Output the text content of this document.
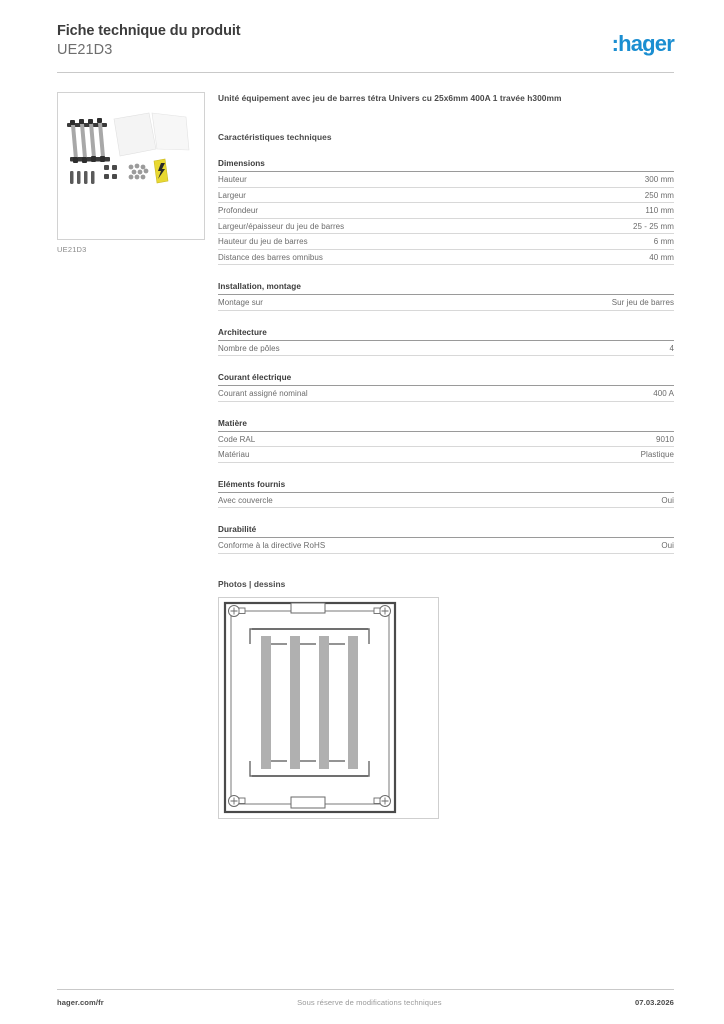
Fiche technique du produit
UE21D3	:hager
UE21D3
Unité équipement avec jeu de barres tétra Univers cu 25x6mm 400A 1 travée h300mm
Caractéristiques techniques
Dimensions
Hauteur	300 mm
Largeur	250 mm
Profondeur	110 mm
Largeur/épaisseur du jeu de barres	25 - 25 mm
Hauteur du jeu de barres	6 mm
Distance des barres omnibus	40 mm
Installation, montage
Montage sur	Sur jeu de barres
Architecture
Nombre de pôles	4
Courant électrique
Courant assigné nominal	400 A
Matière
Code RAL	9010
Matériau	Plastique
Eléments fournis
Avec couvercle	Oui
Durabilité
Conforme à la directive RoHS	Oui
Photos | dessins
hager.com/fr	Sous réserve de modifications techniques	07.03.2026
